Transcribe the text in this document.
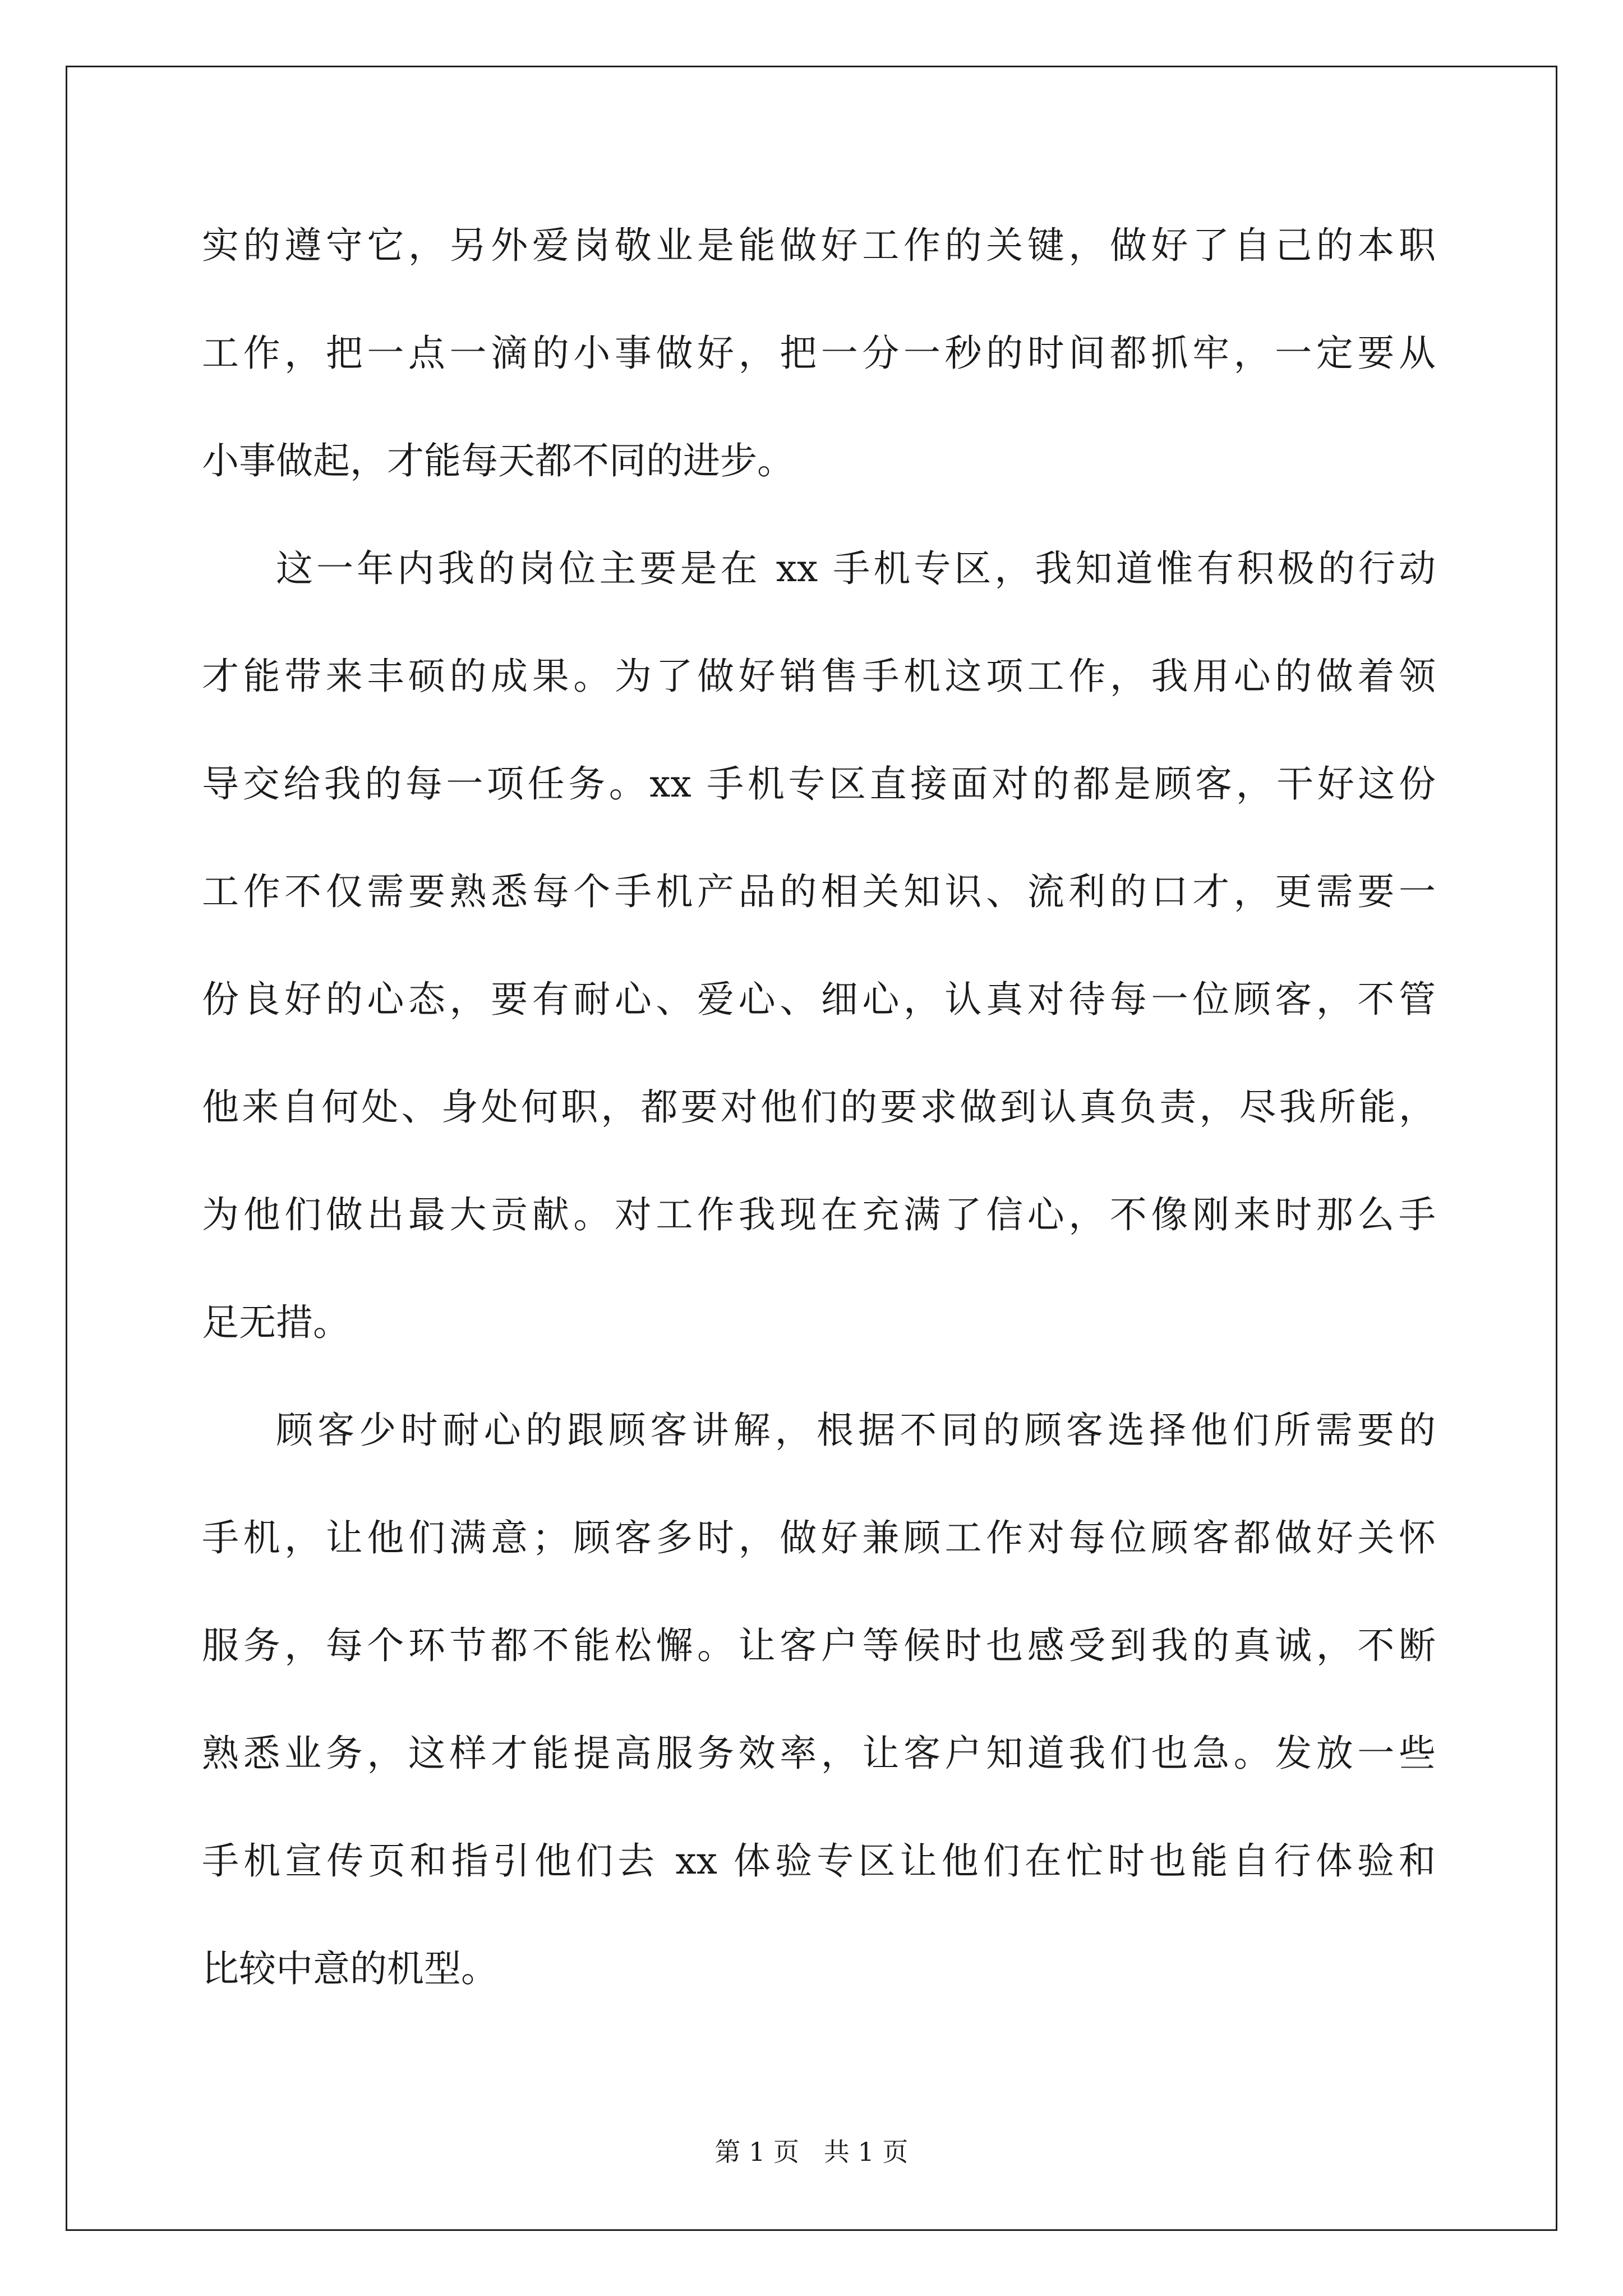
实的遵守它，另外爱岗敬业是能做好工作的关键，做好了自己的本职
工作，把一点一滴的小事做好，把一分一秒的时间都抓牢，一定要从
小事做起，才能每天都不同的进步。
这一年内我的岗位主要是在 xx 手机专区，我知道惟有积极的行动
才能带来丰硕的成果。为了做好销售手机这项工作，我用心的做着领
导交给我的每一项任务。xx 手机专区直接面对的都是顾客，干好这份
工作不仅需要熟悉每个手机产品的相关知识、流利的口才，更需要一
份良好的心态，要有耐心、爱心、细心，认真对待每一位顾客，不管
他来自何处、身处何职，都要对他们的要求做到认真负责，尽我所能，
为他们做出最大贡献。对工作我现在充满了信心，不像刚来时那么手
足无措。
顾客少时耐心的跟顾客讲解，根据不同的顾客选择他们所需要的
手机，让他们满意；顾客多时，做好兼顾工作对每位顾客都做好关怀
服务，每个环节都不能松懈。让客户等候时也感受到我的真诚，不断
熟悉业务，这样才能提高服务效率，让客户知道我们也急。发放一些
手机宣传页和指引他们去 xx 体验专区让他们在忙时也能自行体验和
比较中意的机型。
第 1 页   共 1 页
